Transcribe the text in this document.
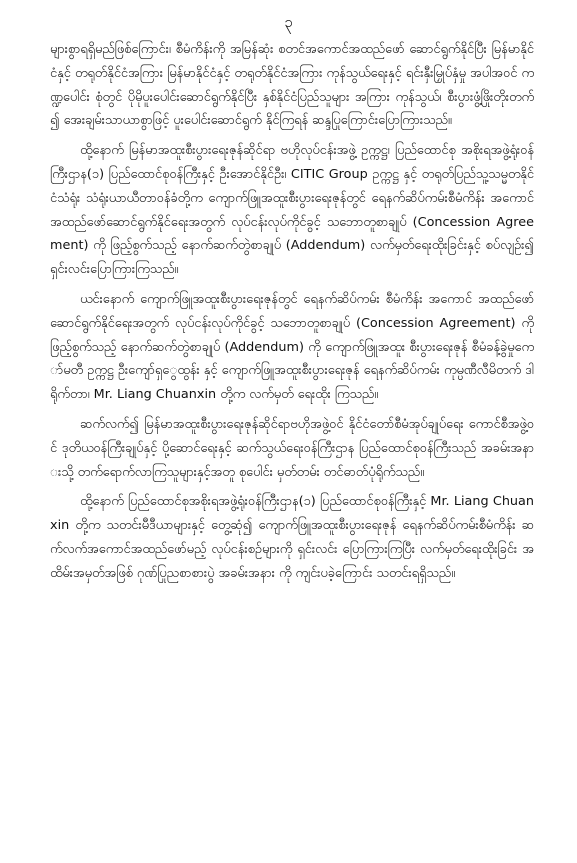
၃

များစွာရရှိမည်ဖြစ်ကြောင်း၊ စီမံကိန်းကို အမြန်ဆုံး စတင်အကောင်အထည်ဖော် ဆောင်ရွက်နိုင်ပြီး မြန်မာနိုင်ငံနှင့် တရုတ်နိုင်ငံအကြား မြန်မာနိုင်ငံနှင့် တရုတ်နိုင်ငံအကြား ကုန်သွယ်ရေးနှင့် ရင်းနှီးမြှုပ်နှံမှု အပါအဝင် ကဏ္ဍပေါင်း စုံတွင် ပိုမိုပူးပေါင်းဆောင်ရွက်နိုင်ပြီး နှစ်နိုင်ငံပြည်သူများ အကြား ကုန်သွယ်၊ စီးပွားဖွံ့ဖြိုးတိုးတက်၍ အေးချမ်းသာယာစွာဖြင့် ပူးပေါင်းဆောင်ရွက် နိုင်ကြရန် ဆန္ဒပြုကြောင်းပြောကြားသည်။

ထို့နောက် မြန်မာအထူးစီးပွားရေးဇုန်ဆိုင်ရာ ဗဟိုလုပ်ငန်းအဖွဲ့ ဥက္ကဋ္ဌ၊ ပြည်ထောင်စု အစိုးရအဖွဲ့ရုံးဝန်ကြီးဌာန(၁) ပြည်ထောင်စုဝန်ကြီးနှင့် ဦးအောင်နိုင်ဦး၊ CITIC Group ဥက္ကဋ္ဌ နှင့် တရုတ်ပြည်သူ့သမ္မတနိုင်ငံသံရုံး သံရုံးယာယီတာဝန်ခံတို့က ကျောက်ဖြူအထူးစီးပွားရေးဇုန်တွင် ရေနက်ဆိပ်ကမ်းစီမံကိန်း အကောင်အထည်ဖော်ဆောင်ရွက်နိုင်ရေးအတွက် လုပ်ငန်းလုပ်ကိုင်ခွင့် သဘောတူစာချုပ် (Concession Agreement) ကို ဖြည့်စွက်သည့် နောက်ဆက်တွဲစာချုပ် (Addendum) လက်မှတ်ရေးထိုးခြင်းနှင့် စပ်လျဉ်း၍ ရှင်းလင်းပြောကြားကြသည်။

ယင်းနောက် ကျောက်ဖြူအထူးစီးပွားရေးဇုန်တွင် ရေနက်ဆိပ်ကမ်း စီမံကိန်း အကောင် အထည်ဖော်ဆောင်ရွက်နိုင်ရေးအတွက် လုပ်ငန်းလုပ်ကိုင်ခွင့် သဘောတူစာချုပ် (Concession Agreement) ကို ဖြည့်စွက်သည့် နောက်ဆက်တွဲစာချုပ် (Addendum) ကို ကျောက်ဖြူအထူး စီးပွားရေးဇုန် စီမံခန့်ခွဲမှုကော်မတီ ဥက္ကဋ္ဌ ဦးကျော်ရှွေထွန်း နှင့် ကျောက်ဖြူအထူးစီးပွားရေးဇုန် ရေနက်ဆိပ်ကမ်း ကုမ္ပဏီလီမိတက် ဒါရိုက်တာ၊ Mr. Liang Chuanxin တို့က လက်မှတ် ရေးထိုး ကြသည်။

ဆက်လက်၍ မြန်မာအထူးစီးပွားရေးဇုန်ဆိုင်ရာဗဟိုအဖွဲ့ဝင် နိုင်ငံတော်စီမံအုပ်ချုပ်ရေး ကောင်စီအဖွဲ့ဝင် ဒုတိယဝန်ကြီးချုပ်နှင့် ပို့ဆောင်ရေးနှင့် ဆက်သွယ်ရေးဝန်ကြီးဌာန ပြည်ထောင်စုဝန်ကြီးသည် အခမ်းအနားသို့ တက်ရောက်လာကြသူများနှင့်အတူ စုပေါင်း မှတ်တမ်း တင်ဓာတ်ပုံရိုက်သည်။

ထို့နောက် ပြည်ထောင်စုအစိုးရအဖွဲ့ရုံးဝန်ကြီးဌာန(၁) ပြည်ထောင်စုဝန်ကြီးနှင့် Mr. Liang Chuanxin တို့က သတင်းမီဒီယာများနှင့် တွေ့ဆုံ၍ ကျောက်ဖြူအထူးစီးပွားရေးဇုန် ရေနက်ဆိပ်ကမ်းစီမံကိန်း ဆက်လက်အကောင်အထည်ဖော်မည့် လုပ်ငန်းစဉ်များကို ရှင်းလင်း ပြောကြားကြပြီး လက်မှတ်ရေးထိုးခြင်း အထိမ်းအမှတ်အဖြစ် ဂုဏ်ပြုညစာစားပွဲ အခမ်းအနား ကို ကျင်းပခဲ့ကြောင်း သတင်းရရှိသည်။
